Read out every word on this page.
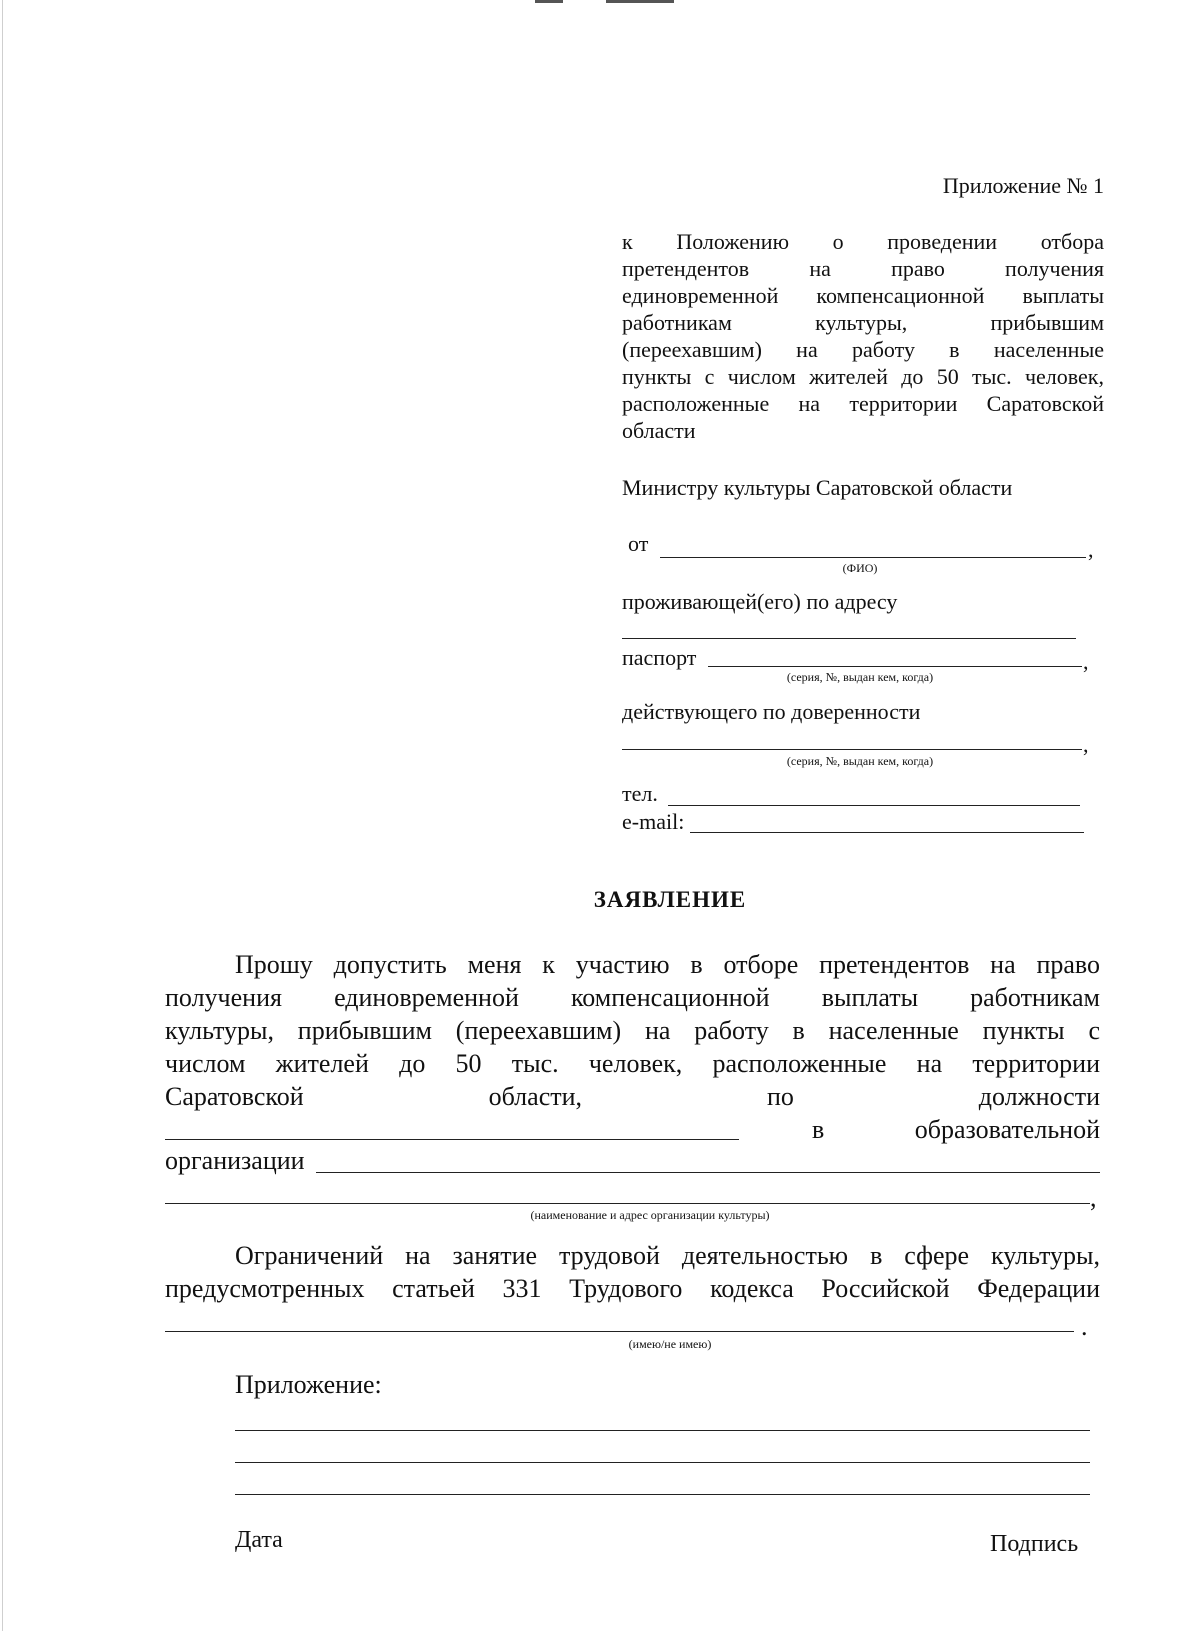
Приложение № 1
к Положению о проведении отбора
претендентов на право получения
единовременной компенсационной выплаты
работникам культуры, прибывшим
(переехавшим) на работу в населенные
пункты с числом жителей до 50 тыс. человек,
расположенные на территории Саратовской
области
Министру культуры Саратовской области
от	,
(ФИО)
проживающей(его) по адресу
паспорт	,
(серия, №, выдан кем, когда)
действующего по доверенности
,
(серия, №, выдан кем, когда)
тел.
e-mail:
ЗАЯВЛЕНИЕ
Прошу допустить меня к участию в отборе претендентов на право
получения единовременной компенсационной выплаты работникам
культуры, прибывшим (переехавшим) на работу в населенные пункты с
числом жителей до 50 тыс. человек, расположенные на территории
Саратовской	области,	по	должности
в	образовательной
организации
,
(наименование и адрес организации культуры)
Ограничений на занятие трудовой деятельностью в сфере культуры,
предусмотренных статьей 331 Трудового кодекса Российской Федерации
.
(имею/не имею)
Приложение:
Дата	Подпись
